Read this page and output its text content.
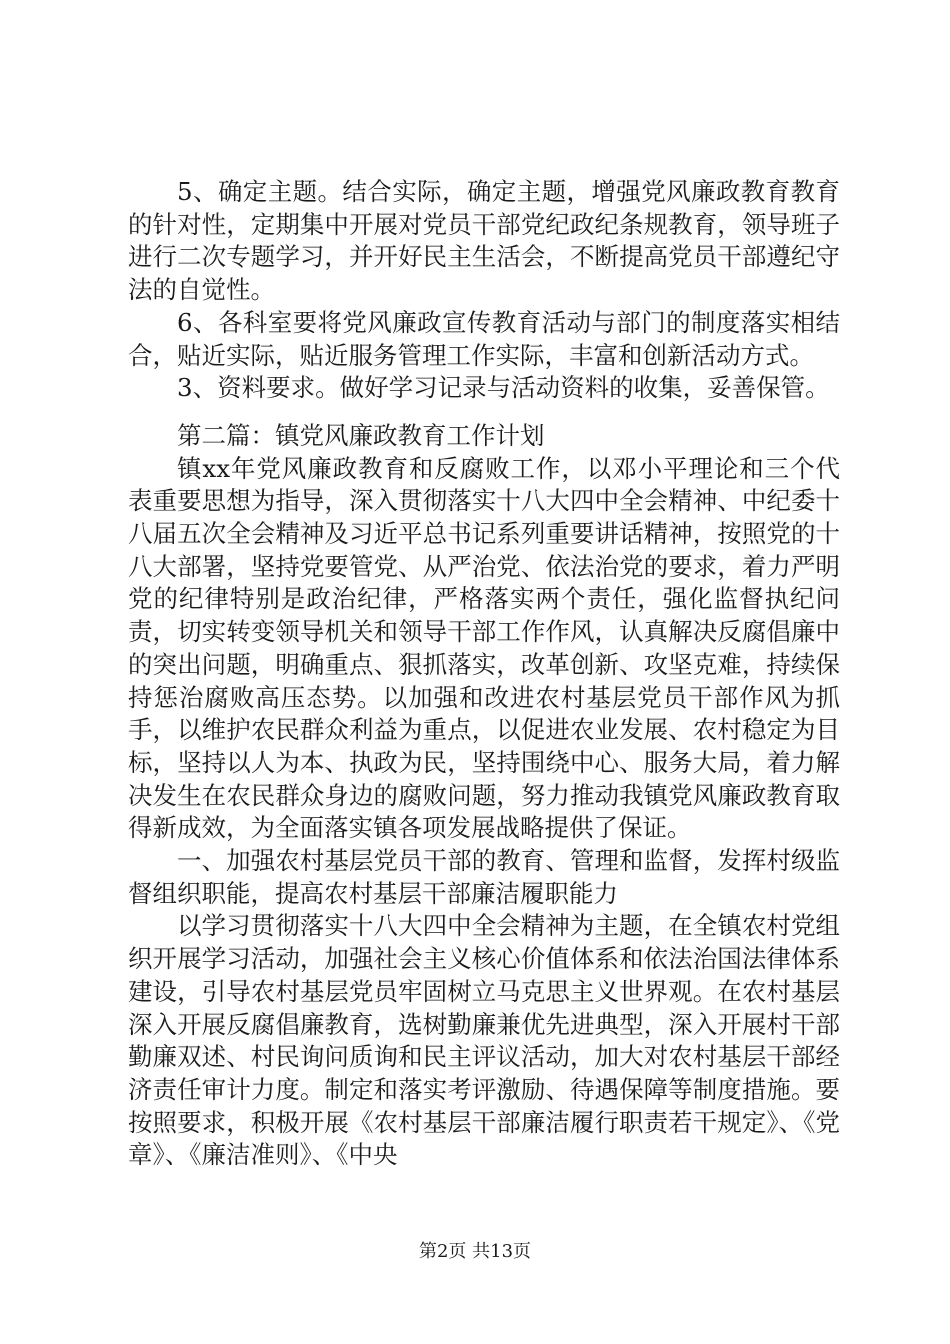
5、确定主题。结合实际，确定主题，增强党风廉政教育教育的针对性，定期集中开展对党员干部党纪政纪条规教育，领导班子进行二次专题学习，并开好民主生活会，不断提高党员干部遵纪守法的自觉性。

6、各科室要将党风廉政宣传教育活动与部门的制度落实相结合，贴近实际，贴近服务管理工作实际，丰富和创新活动方式。

3、资料要求。做好学习记录与活动资料的收集，妥善保管。

第二篇：镇党风廉政教育工作计划

镇xx年党风廉政教育和反腐败工作，以邓小平理论和三个代表重要思想为指导，深入贯彻落实十八大四中全会精神、中纪委十八届五次全会精神及习近平总书记系列重要讲话精神，按照党的十八大部署，坚持党要管党、从严治党、依法治党的要求，着力严明党的纪律特别是政治纪律，严格落实两个责任，强化监督执纪问责，切实转变领导机关和领导干部工作作风，认真解决反腐倡廉中的突出问题，明确重点、狠抓落实，改革创新、攻坚克难，持续保持惩治腐败高压态势。以加强和改进农村基层党员干部作风为抓手，以维护农民群众利益为重点，以促进农业发展、农村稳定为目标，坚持以人为本、执政为民，坚持围绕中心、服务大局，着力解决发生在农民群众身边的腐败问题，努力推动我镇党风廉政教育取得新成效，为全面落实镇各项发展战略提供了保证。

一、加强农村基层党员干部的教育、管理和监督，发挥村级监督组织职能，提高农村基层干部廉洁履职能力

以学习贯彻落实十八大四中全会精神为主题，在全镇农村党组织开展学习活动，加强社会主义核心价值体系和依法治国法律体系建设，引导农村基层党员牢固树立马克思主义世界观。在农村基层深入开展反腐倡廉教育，选树勤廉兼优先进典型，深入开展村干部勤廉双述、村民询问质询和民主评议活动，加大对农村基层干部经济责任审计力度。制定和落实考评激励、待遇保障等制度措施。要按照要求，积极开展《农村基层干部廉洁履行职责若干规定》、《党章》、《廉洁准则》、《中央

第2页 共13页
